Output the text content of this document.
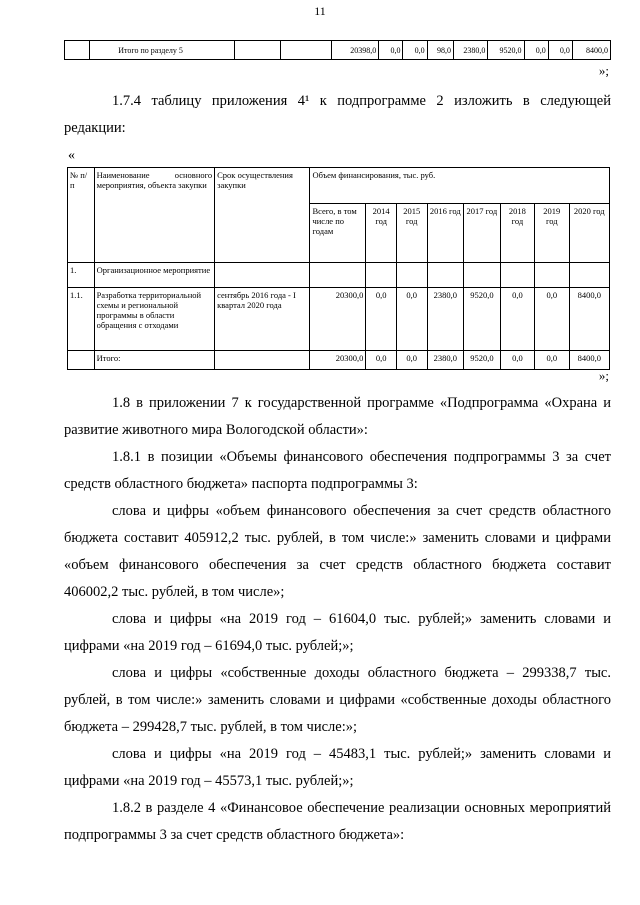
11
	Итого по разделу 5			20398,0	0,0	0,0	98,0	2380,0	9520,0	0,0	0,0	8400,0
»;
1.7.4 таблицу приложения 4¹ к подпрограмме 2 изложить в следующей редакции:
«
№ п/п	Наименование основного мероприятия, объекта закупки	Срок осуществления закупки	Объем финансирования, тыс. руб.							
			Всего, в том числе по годам	2014 год	2015 год	2016 год	2017 год	2018 год	2019 год	2020 год
1.	Организационное мероприятие									
1.1.	Разработка территориальной схемы и региональной программы в области обращения с отходами	сентябрь 2016 года - I квартал 2020 года	20300,0	0,0	0,0	2380,0	9520,0	0,0	0,0	8400,0
	Итого:		20300,0	0,0	0,0	2380,0	9520,0	0,0	0,0	8400,0
»;
1.8 в приложении 7 к государственной программе «Подпрограмма «Охрана и развитие животного мира Вологодской области»:
1.8.1 в позиции «Объемы финансового обеспечения подпрограммы 3 за счет средств областного бюджета» паспорта подпрограммы 3:
слова и цифры «объем финансового обеспечения за счет средств областного бюджета составит 405912,2 тыс. рублей, в том числе:» заменить словами и цифрами «объем финансового обеспечения за счет средств областного бюджета составит 406002,2 тыс. рублей, в том числе»;
слова и цифры «на 2019 год – 61604,0 тыс. рублей;» заменить словами и цифрами «на 2019 год – 61694,0 тыс. рублей;»;
слова и цифры «собственные доходы областного бюджета – 299338,7 тыс. рублей, в том числе:» заменить словами и цифрами «собственные доходы областного бюджета – 299428,7 тыс. рублей, в том числе:»;
слова и цифры «на 2019 год – 45483,1 тыс. рублей;» заменить словами и цифрами «на 2019 год – 45573,1 тыс. рублей;»;
1.8.2 в разделе 4 «Финансовое обеспечение реализации основных мероприятий подпрограммы 3 за счет средств областного бюджета»:
